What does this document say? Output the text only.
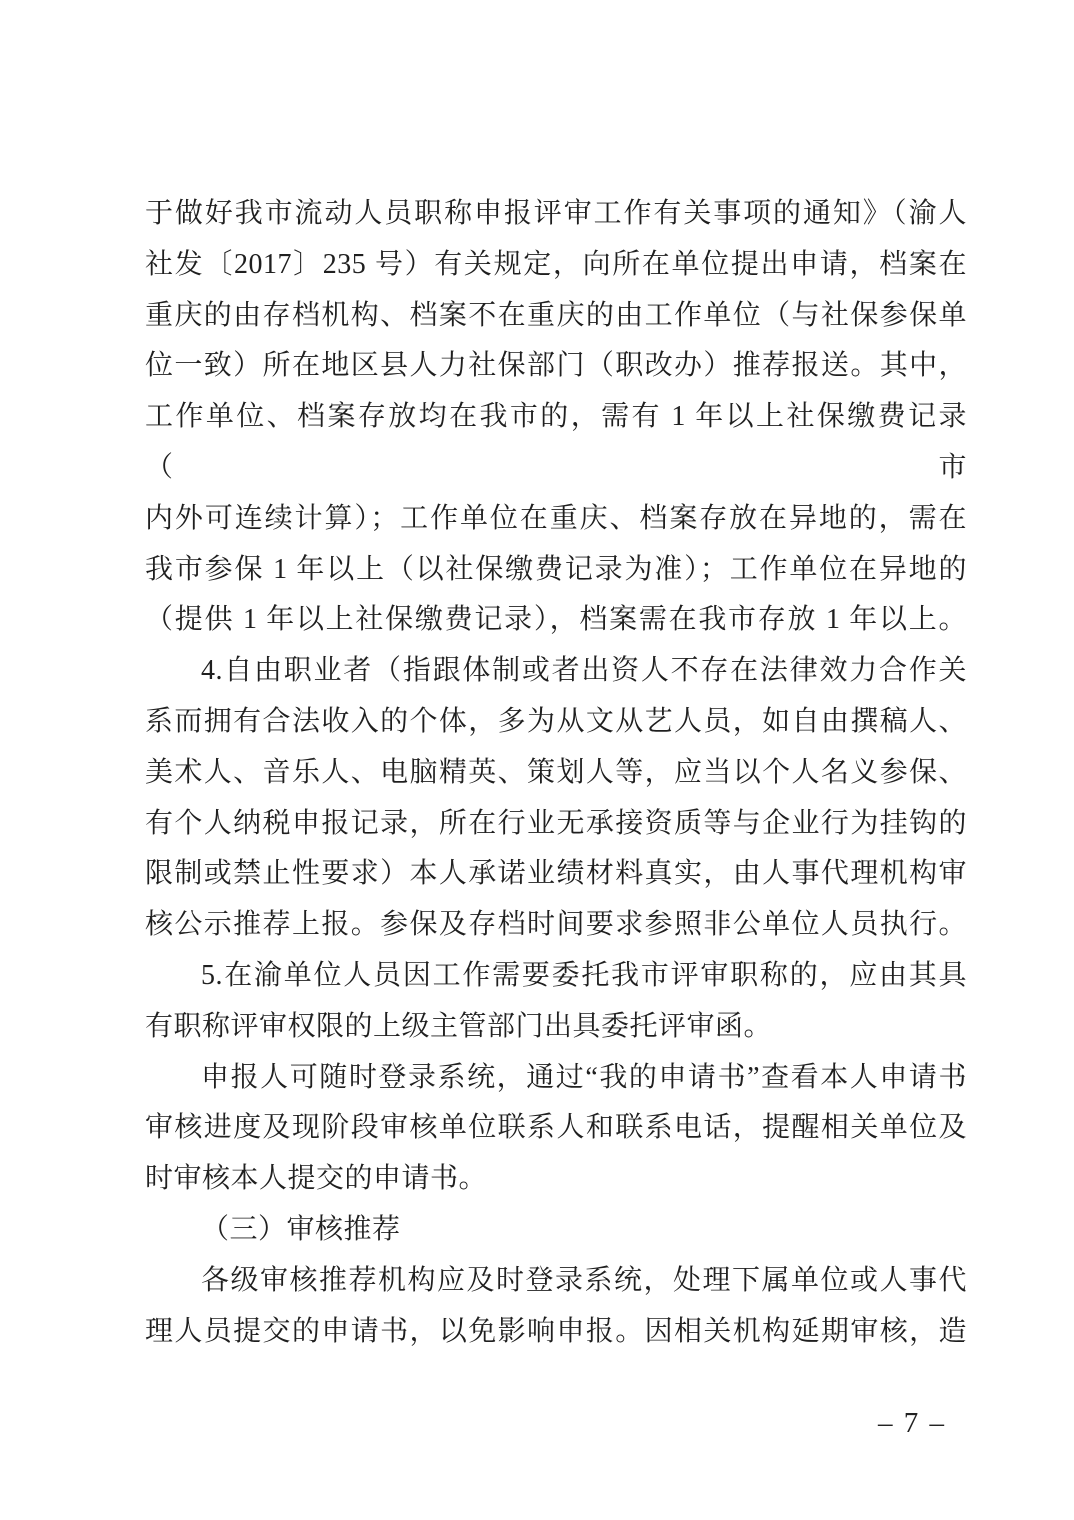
于做好我市流动人员职称申报评审工作有关事项的通知》（渝人
社发〔2017〕235 号）有关规定，向所在单位提出申请，档案在
重庆的由存档机构、档案不在重庆的由工作单位（与社保参保单
位一致）所在地区县人力社保部门（职改办）推荐报送。其中，
工作单位、档案存放均在我市的，需有 1 年以上社保缴费记录（市
内外可连续计算）；工作单位在重庆、档案存放在异地的，需在
我市参保 1 年以上（以社保缴费记录为准）；工作单位在异地的
（提供 1 年以上社保缴费记录），档案需在我市存放 1 年以上。
4.自由职业者（指跟体制或者出资人不存在法律效力合作关
系而拥有合法收入的个体，多为从文从艺人员，如自由撰稿人、
美术人、音乐人、电脑精英、策划人等，应当以个人名义参保、
有个人纳税申报记录，所在行业无承接资质等与企业行为挂钩的
限制或禁止性要求）本人承诺业绩材料真实，由人事代理机构审
核公示推荐上报。参保及存档时间要求参照非公单位人员执行。
5.在渝单位人员因工作需要委托我市评审职称的，应由其具
有职称评审权限的上级主管部门出具委托评审函。
申报人可随时登录系统，通过“我的申请书”查看本人申请书
审核进度及现阶段审核单位联系人和联系电话，提醒相关单位及
时审核本人提交的申请书。
（三）审核推荐
各级审核推荐机构应及时登录系统，处理下属单位或人事代
理人员提交的申请书，以免影响申报。因相关机构延期审核，造
– 7 –
